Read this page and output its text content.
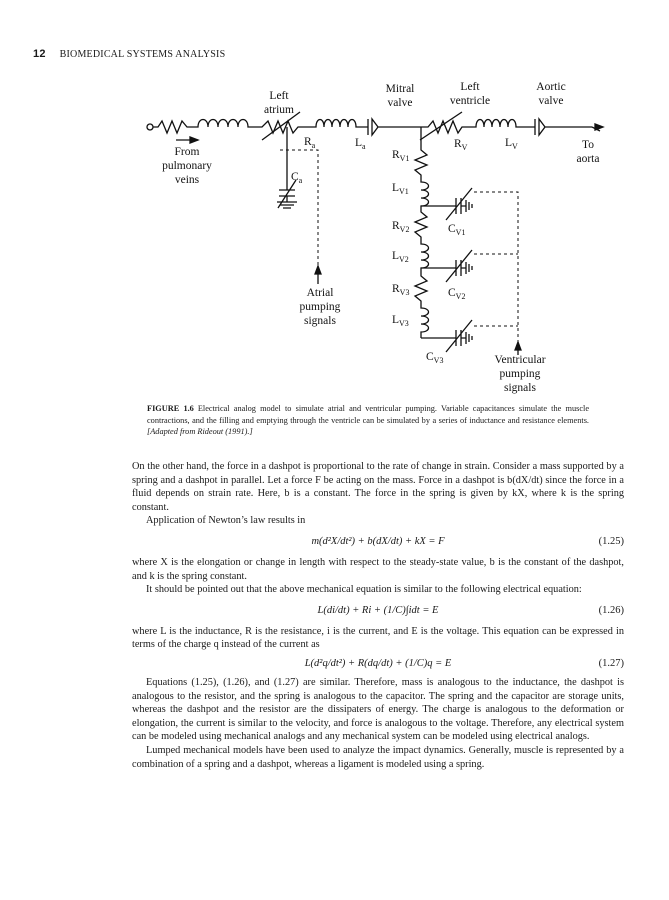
12 BIOMEDICAL SYSTEMS ANALYSIS
Left
atrium
Mitral
valve
Left
ventricle
Aortic
valve
From
pulmonary
veins
To
aorta
Atrial
pumping
signals
Ventricular
pumping
signals
$R_a$	$L_a$
$C_a$
$R_V$	$L_V$
$R_{V1}$
$L_{V1}$
$R_{V2}$
$L_{V2}$
$R_{V3}$
$L_{V3}$
$C_{V1}$
$C_{V2}$
$C_{V3}$
FIGURE 1.6 Electrical analog model to simulate atrial and ventricular pumping. Variable capacitances simulate the muscle contractions, and the filling and emptying through the ventricle can be simulated by a series of inductance and resistance elements. [Adapted from Rideout (1991).]

On the other hand, the force in a dashpot is proportional to the rate of change in strain. Consider a mass supported by a spring and a dashpot in parallel. Let a force F be acting on the mass. Force in a dashpot is b(dX/dt) since the force in a fluid depends on strain rate. Here, b is a constant. The force in the spring is given by kX, where k is the spring constant.

Application of Newton’s law results in

m(d²X/dt²) + b(dX/dt) + kX = F	(1.25)

where X is the elongation or change in length with respect to the steady-state value, b is the constant of the dashpot, and k is the spring constant.

It should be pointed out that the above mechanical equation is similar to the following electrical equation:

L(di/dt) + Ri + (1/C)∫idt = E	(1.26)

where L is the inductance, R is the resistance, i is the current, and E is the voltage. This equation can be expressed in terms of the charge q instead of the current as

L(d²q/dt²) + R(dq/dt) + (1/C)q = E	(1.27)

Equations (1.25), (1.26), and (1.27) are similar. Therefore, mass is analogous to the inductance, the dashpot is analogous to the resistor, and the spring is analogous to the capacitor. The spring and the capacitor are storage units, whereas the dashpot and the resistor are the dissipaters of energy. The charge is analogous to the deformation or elongation, the current is similar to the velocity, and force is analogous to the voltage. Therefore, any electrical system can be modeled using mechanical analogs and any mechanical system can be modeled using electrical analogs.

Lumped mechanical models have been used to analyze the impact dynamics. Generally, muscle is represented by a combination of a spring and a dashpot, whereas a ligament is modeled using a spring.
